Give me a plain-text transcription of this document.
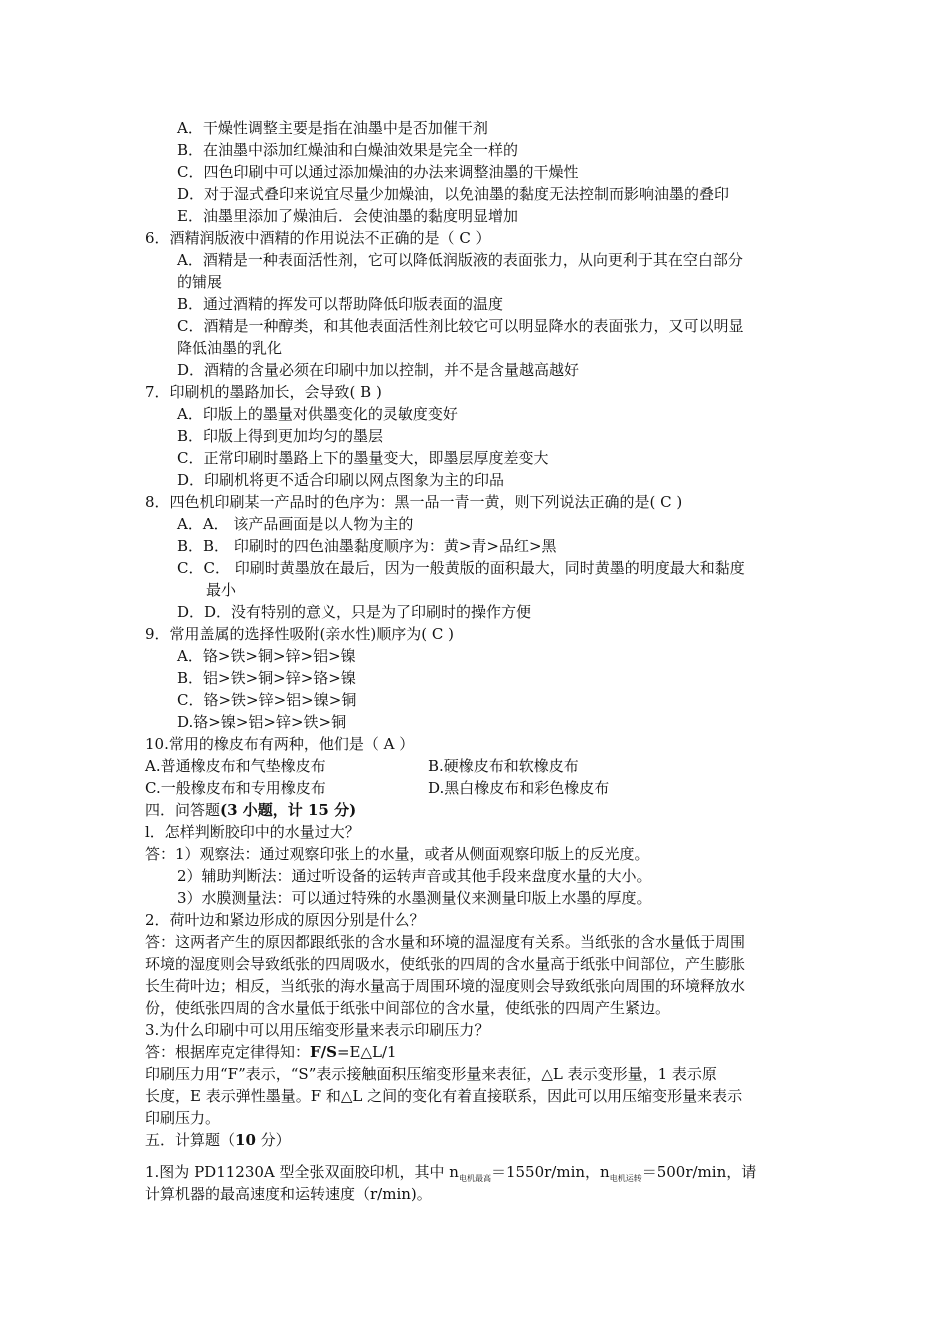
A．干燥性调整主要是指在油墨中是否加催干剂
B．在油墨中添加红燥油和白燥油效果是完全一样的
C．四色印刷中可以通过添加燥油的办法来调整油墨的干燥性
D．对于湿式叠印来说宜尽量少加燥油，以免油墨的黏度无法控制而影响油墨的叠印
E．油墨里添加了燥油后．会使油墨的黏度明显增加
6．酒精润版液中酒精的作用说法不正确的是（ C ）
A．酒精是一种表面活性剂，它可以降低润版液的表面张力，从向更利于其在空白部分
的铺展
B．通过酒精的挥发可以帮助降低印版表面的温度
C．酒精是一种醇类，和其他表面活性剂比较它可以明显降水的表面张力，又可以明显
降低油墨的乳化
D．酒精的含量必须在印刷中加以控制，并不是含量越高越好
7．印刷机的墨路加长，会导致( B )
A．印版上的墨量对供墨变化的灵敏度变好
B．印版上得到更加均匀的墨层
C．正常印刷时墨路上下的墨量变大，即墨层厚度差变大
D．印刷机将更不适合印刷以网点图象为主的印品
8．四色机印刷某一产品时的色序为：黑一品一青一黄，则下列说法正确的是( C )
A．A． 该产品画面是以人物为主的
B．B． 印刷时的四色油墨黏度顺序为：黄>青>品红>黑
C．C． 印刷时黄墨放在最后，因为一般黄版的面积最大，同时黄墨的明度最大和黏度
最小
D．D．没有特别的意义，只是为了印刷时的操作方便
9．常用盖属的选择性吸附(亲水性)顺序为( C )
A．铬>铁>铜>锌>铝>镍
B．铝>铁>铜>锌>铬>镍
C．铬>铁>锌>铝>镍>铜
D.铬>镍>铝>锌>铁>铜
10.常用的橡皮布有两种，他们是（ A ）
A.普通橡皮布和气垫橡皮布	B.硬橡皮布和软橡皮布
C.一般橡皮布和专用橡皮布	D.黑白橡皮布和彩色橡皮布
四．问答题(3 小题，计 15 分)
l．怎样判断胶印中的水量过大？
答：1）观察法：通过观察印张上的水量，或者从侧面观察印版上的反光度。
2）辅助判断法：通过听设备的运转声音或其他手段来盘度水量的大小。
3）水膜测量法：可以通过特殊的水墨测量仪来测量印版上水墨的厚度。
2．荷叶边和紧边形成的原因分别是什么？
答：这两者产生的原因都跟纸张的含水量和环境的温湿度有关系。当纸张的含水量低于周围
环境的湿度则会导致纸张的四周吸水，使纸张的四周的含水量高于纸张中间部位，产生膨胀
长生荷叶边；相反，当纸张的海水量高于周围环境的湿度则会导致纸张向周围的环境释放水
份，使纸张四周的含水量低于纸张中间部位的含水量，使纸张的四周产生紧边。
3.为什么印刷中可以用压缩变形量来表示印刷压力？
答：根据库克定律得知：F/S=E△L/1
印刷压力用“F”表示，“S”表示接触面积压缩变形量来表征，△L 表示变形量，1 表示原
长度，E 表示弹性墨量。F 和△L 之间的变化有着直接联系，因此可以用压缩变形量来表示
印刷压力。
五．计算题（10 分）
1.图为 PD11230A 型全张双面胶印机，其中 $n_{电机最高}=1550r/\min$，$n_{电机运转}=500r/\min$，请
计算机器的最高速度和运转速度（r/min)。
